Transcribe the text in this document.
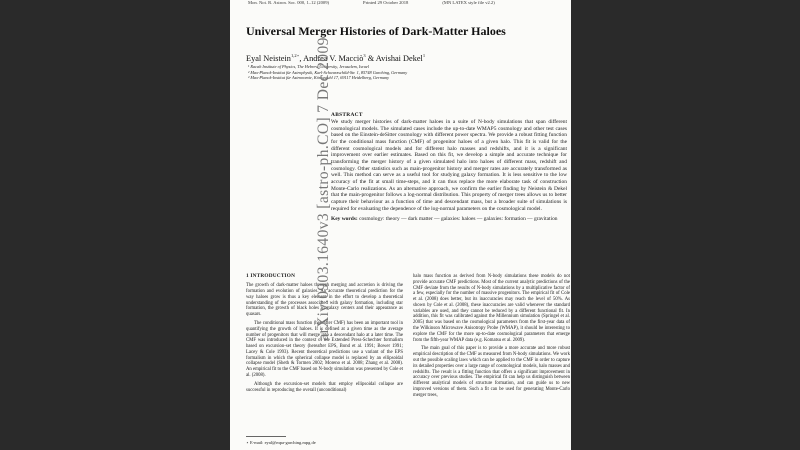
Mon. Not. R. Astron. Soc. 000, 1–12 (2009)	Printed 29 October 2018	(MN LATEX style file v2.2)
Universal Merger Histories of Dark-Matter Haloes
Eyal Neistein$^{1,2⋆}$, Andrea V. Macciò$^3$ & Avishai Dekel$^1$
¹ Racah Institute of Physics, The Hebrew University, Jerusalem, Israel
² Max-Planck-Institut für Astrophysik, Karl-Schwarzschild-Str. 1, 85748 Garching, Germany
³ Max-Planck-Institut für Astronomie, Königstuhl 17, 69117 Heidelberg, Germany
ABSTRACT
We study merger histories of dark-matter haloes in a suite of N-body simulations that span different cosmological models. The simulated cases include the up-to-date WMAP5 cosmology and other test cases based on the Einstein-deSitter cosmology with different power spectra. We provide a robust fitting function for the conditional mass function (CMF) of progenitor haloes of a given halo. This fit is valid for the different cosmological models and for different halo masses and redshifts, and it is a significant improvement over earlier estimates. Based on this fit, we develop a simple and accurate technique for transforming the merger history of a given simulated halo into haloes of different mass, redshift and cosmology. Other statistics such as main-progenitor history and merger rates are accurately transformed as well. This method can serve as a useful tool for studying galaxy formation. It is less sensitive to the low accuracy of the fit at small time-steps, and it can thus replace the more elaborate task of construction Monte-Carlo realizations. As an alternative approach, we confirm the earlier finding by Neistein & Dekel that the main-progenitor follows a log-normal distribution. This property of merger trees allows us to better capture their behaviour as a function of time and descendant mass, but a broader suite of simulations is required for evaluating the dependence of the log-normal parameters on the cosmological model.
Key words: cosmology: theory — dark matter — galaxies: haloes — galaxies: formation — gravitation
1 INTRODUCTION

The growth of dark-matter haloes through merging and accretion is driving the formation and evolution of galaxies. An accurate theoretical prediction for the way haloes grow is thus a key element in the effort to develop a theoretical understanding of the processes associated with galaxy formation, including star formation, the growth of black holes in galaxy centers and their appearance as quasars.

The conditional mass function (hereafter CMF) has been an important tool in quantifying the growth of haloes. It is defined at a given time as the average number of progenitors that will merge into a descendant halo at a later time. The CMF was introduced in the context of the Extended Press-Schechter formalism based on excursion-set theory (hereafter EPS, Bond et al. 1991; Bower 1991; Lacey & Cole 1993). Recent theoretical predictions use a variant of the EPS formalism in which the spherical collapse model is replaced by an ellipsoidal collapse model (Sheth & Tormen 2002; Moreno et al. 2008; Zhang et al. 2008). An empirical fit to the CMF based on N-body simulation was presented by Cole et al. (2008).

Although the excursion-set models that employ ellipsoidal collapse are successful in reproducing the overall (unconditional)

halo mass function as derived from N-body simulations these models do not provide accurate CMF predictions. Most of the current analytic predictions of the CMF deviate from the results of N-body simulations by a multiplicative factor of a few, especially for the number of massive progenitors. The empirical fit of Cole et al. (2008) does better, but its inaccuracies may reach the level of 50%. As shown by Cole et al. (2008), these inaccuracies are valid whenever the standard variables are used, and they cannot be reduced by a different functional fit. In addition, this fit was calibrated against the Millennium simulation (Springel et al. 2005) that was based on the cosmological parameters from the first-year data of the Wilkinson Microwave Anisotropy Probe (WMAP), it should be interesting to explore the CMF for the more up-to-date cosmological parameters that emerge from the fifth-year WMAP data (e.g. Komatsu et al. 2009).

The main goal of this paper is to provide a more accurate and more robust empirical description of the CMF as measured from N-body simulations. We work out the possible scaling laws which can be applied to the CMF in order to capture its detailed properties over a large range of cosmological models, halo masses and redshifts. The result is a fitting function that offers a significant improvement in accuracy over previous studies. The empirical fit can help us distinguish between different analytical models of structure formation, and can guide us to new improved versions of them. Such a fit can be used for generating Monte-Carlo merger trees,

⋆ E-mail: eyal@mpa-garching.mpg.de
arXiv:0903.1640v3 [astro-ph.CO] 7 Dec 2009
